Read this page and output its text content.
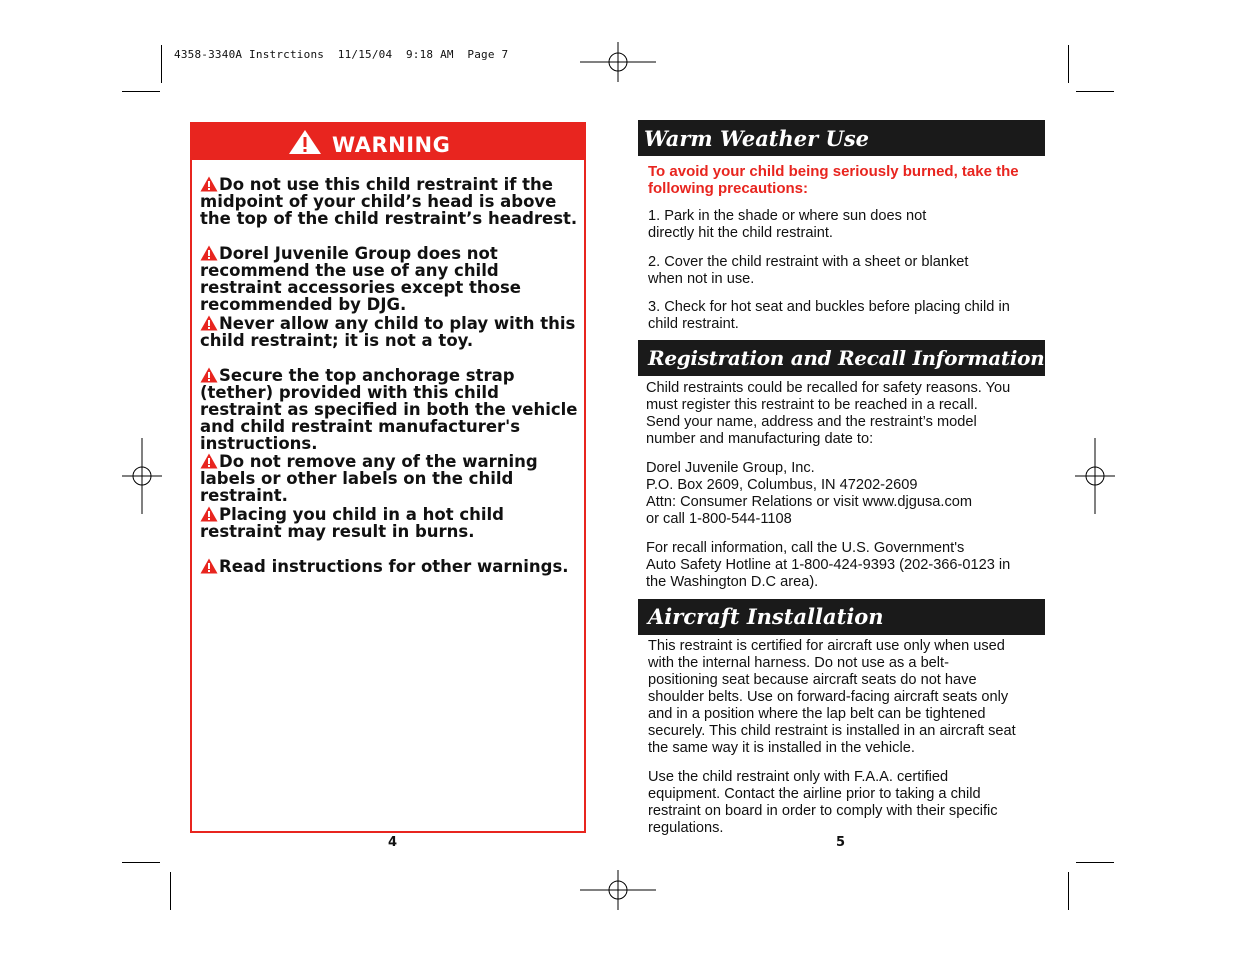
4358-3340A Instrctions  11/15/04  9:18 AM  Page 7
WARNING
Do not use this child restraint if the midpoint of your child’s head is above the top of the child restraint’s headrest.
Dorel Juvenile Group does not recommend the use of any child restraint accessories except those recommended by DJG.
Never allow any child to play with this child restraint; it is not a toy.
Secure the top anchorage strap (tether) provided with this child restraint as specified in both the vehicle and child restraint manufacturer's instructions.
Do not remove any of the warning labels or other labels on the child restraint.
Placing you child in a hot child restraint may result in burns.
Read instructions for other warnings.
4	5
Warm Weather Use
To avoid your child being seriously burned, take the following precautions:
1. Park in the shade or where sun does not
directly hit the child restraint.
2. Cover the child restraint with a sheet or blanket
when not in use.
3. Check for hot seat and buckles before placing child in
child restraint.
Registration and Recall Information
Child restraints could be recalled for safety reasons. You
must register this restraint to be reached in a recall.
Send your name, address and the restraint’s model
number and manufacturing date to:
Dorel Juvenile Group, Inc.
P.O. Box 2609, Columbus, IN 47202-2609
Attn: Consumer Relations or visit www.djgusa.com
or call 1-800-544-1108
For recall information, call the U.S. Government's
Auto Safety Hotline at 1-800-424-9393 (202-366-0123 in
the Washington D.C area).
Aircraft Installation
This restraint is certified for aircraft use only when used
with the internal harness. Do not use as a belt-
positioning seat because aircraft seats do not have
shoulder belts. Use on forward-facing aircraft seats only
and in a position where the lap belt can be tightened
securely. This child restraint is installed in an aircraft seat
the same way it is installed in the vehicle.
Use the child restraint only with F.A.A. certified
equipment. Contact the airline prior to taking a child
restraint on board in order to comply with their specific
regulations.
